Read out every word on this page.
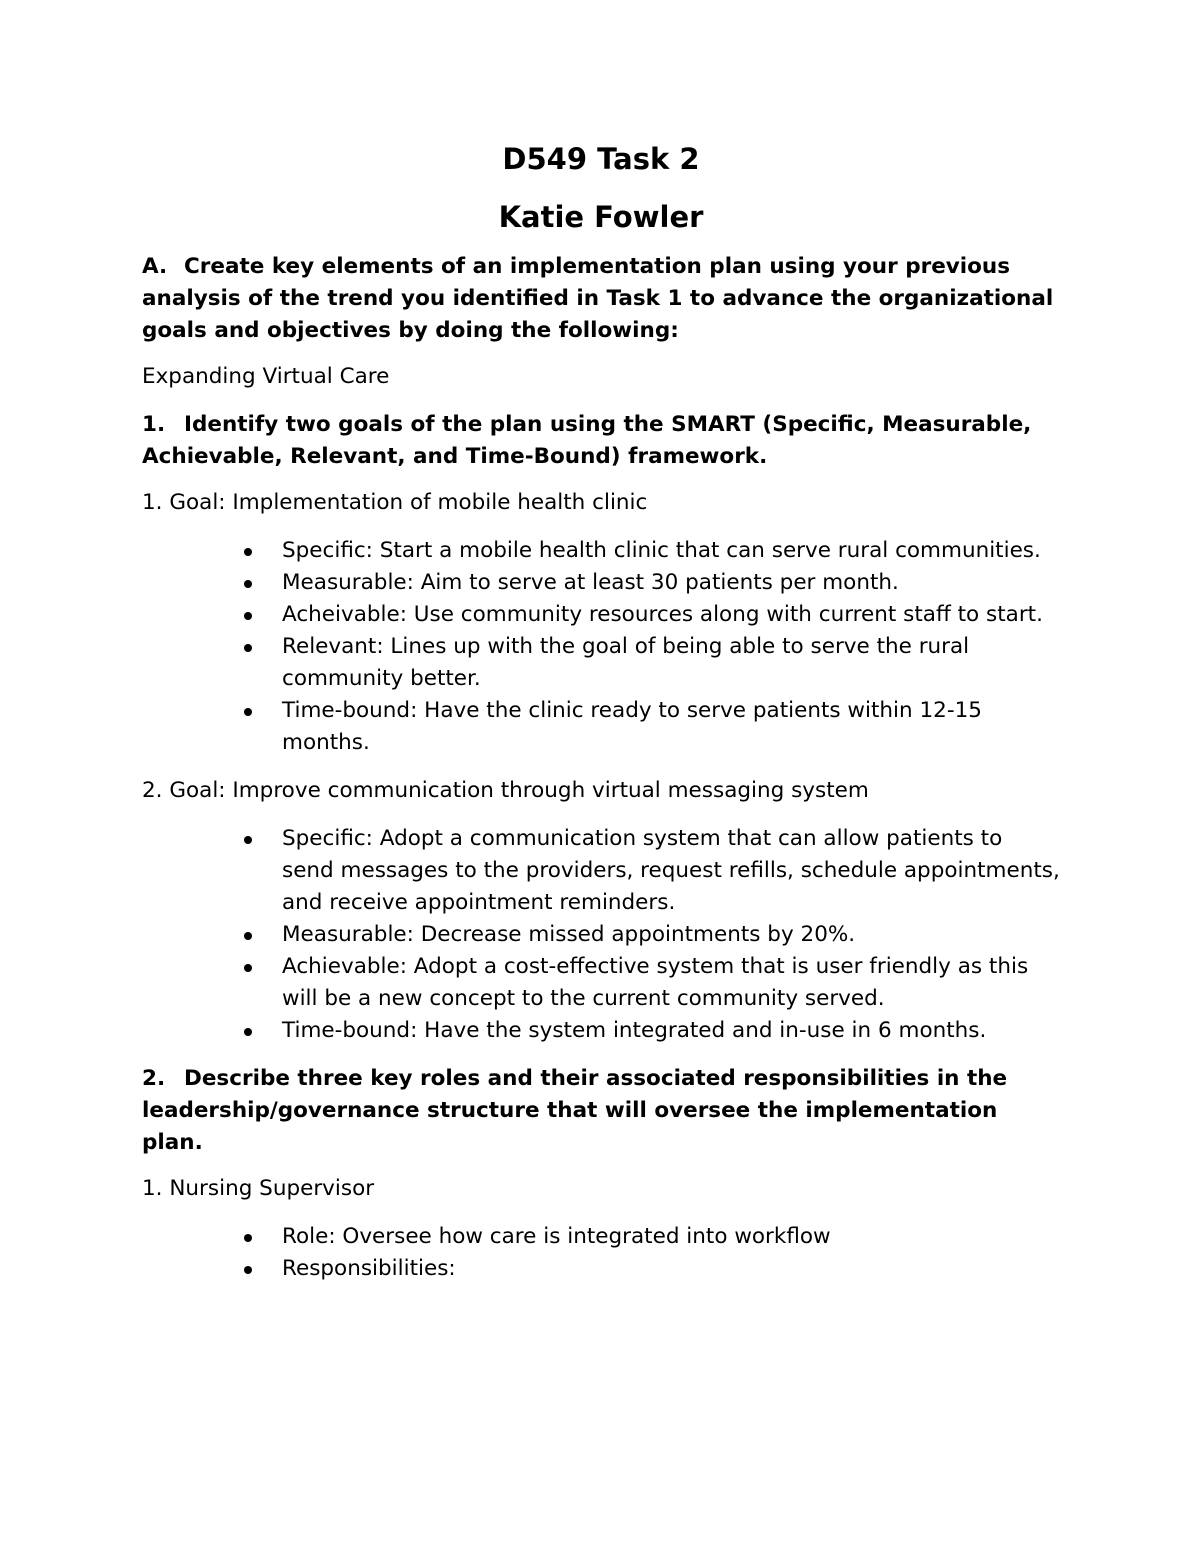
D549 Task 2
Katie Fowler

A. Create key elements of an implementation plan using your previous analysis of the trend you identified in Task 1 to advance the organizational goals and objectives by doing the following:

Expanding Virtual Care

1. Identify two goals of the plan using the SMART (Specific, Measurable, Achievable, Relevant, and Time-Bound) framework.

1. Goal: Implementation of mobile health clinic

Specific: Start a mobile health clinic that can serve rural communities.
Measurable: Aim to serve at least 30 patients per month.
Acheivable: Use community resources along with current staff to start.
Relevant: Lines up with the goal of being able to serve the rural community better.
Time-bound: Have the clinic ready to serve patients within 12-15 months.

2. Goal: Improve communication through virtual messaging system

Specific: Adopt a communication system that can allow patients to send messages to the providers, request refills, schedule appointments, and receive appointment reminders.
Measurable: Decrease missed appointments by 20%.
Achievable: Adopt a cost-effective system that is user friendly as this will be a new concept to the current community served.
Time-bound: Have the system integrated and in-use in 6 months.

2. Describe three key roles and their associated responsibilities in the leadership/governance structure that will oversee the implementation plan.

1. Nursing Supervisor

Role: Oversee how care is integrated into workflow
Responsibilities:
